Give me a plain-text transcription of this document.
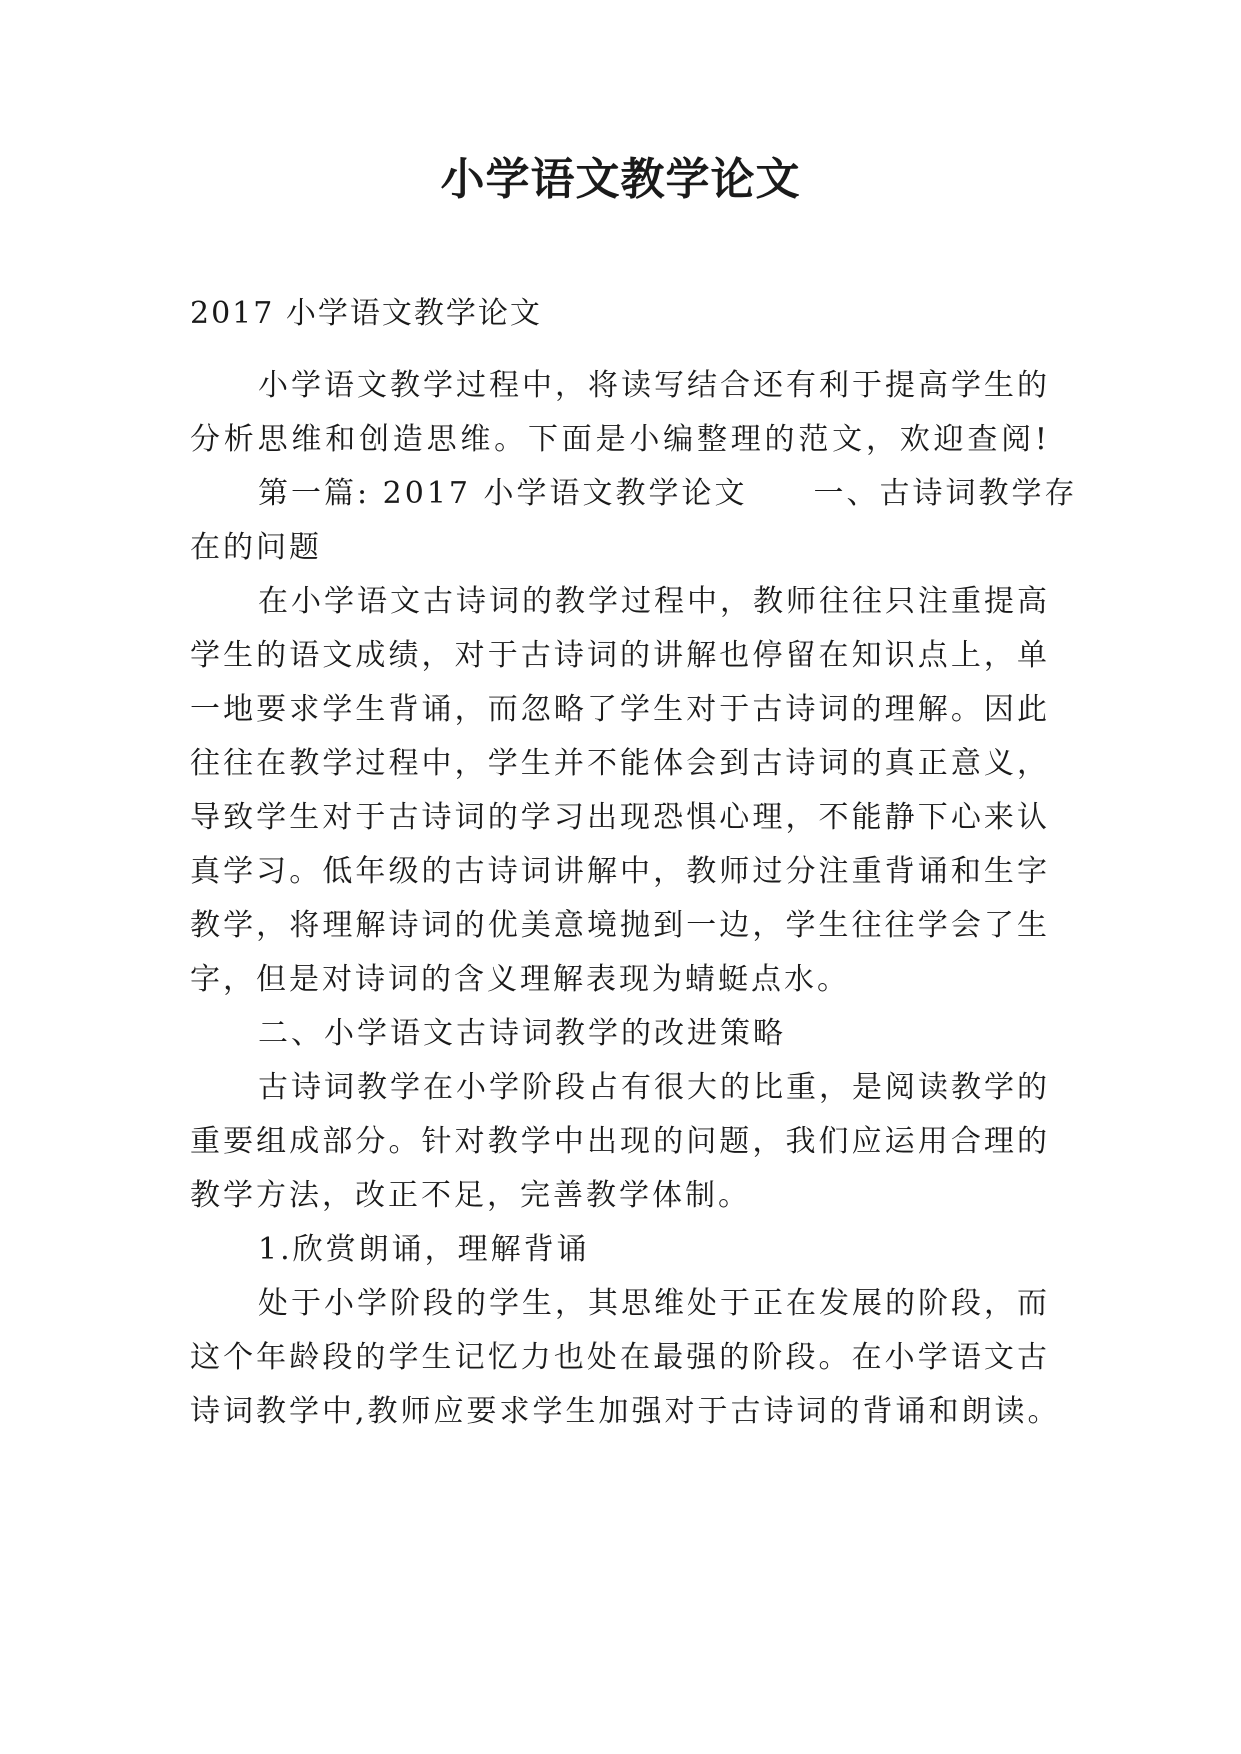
小学语文教学论文
2017 小学语文教学论文
小学语文教学过程中，将读写结合还有利于提高学生的
分析思维和创造思维。下面是小编整理的范文，欢迎查阅!
第一篇: 2017 小学语文教学论文　　一、古诗词教学存
在的问题
在小学语文古诗词的教学过程中，教师往往只注重提高
学生的语文成绩，对于古诗词的讲解也停留在知识点上，单
一地要求学生背诵，而忽略了学生对于古诗词的理解。因此
往往在教学过程中，学生并不能体会到古诗词的真正意义，
导致学生对于古诗词的学习出现恐惧心理，不能静下心来认
真学习。低年级的古诗词讲解中，教师过分注重背诵和生字
教学，将理解诗词的优美意境抛到一边，学生往往学会了生
字，但是对诗词的含义理解表现为蜻蜓点水。
二、小学语文古诗词教学的改进策略
古诗词教学在小学阶段占有很大的比重，是阅读教学的
重要组成部分。针对教学中出现的问题，我们应运用合理的
教学方法，改正不足，完善教学体制。
1.欣赏朗诵，理解背诵
处于小学阶段的学生，其思维处于正在发展的阶段，而
这个年龄段的学生记忆力也处在最强的阶段。在小学语文古
诗词教学中,教师应要求学生加强对于古诗词的背诵和朗读。
